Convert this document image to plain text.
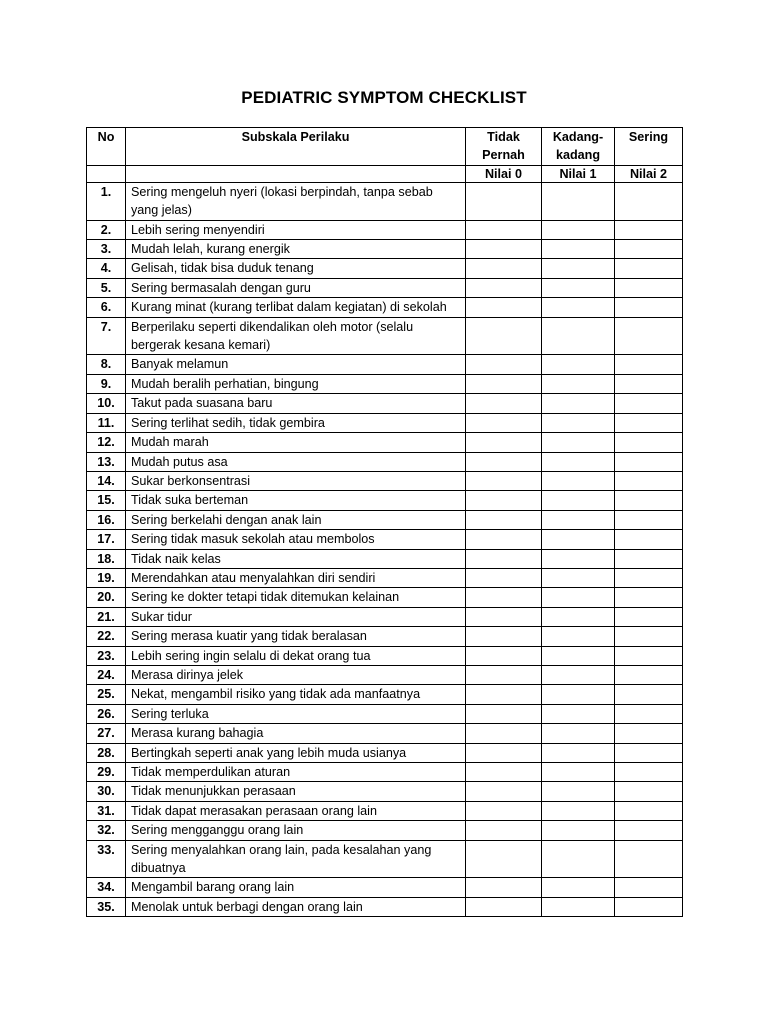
PEDIATRIC SYMPTOM CHECKLIST
No	Subskala Perilaku	Tidak Pernah	Kadang-kadang	Sering
		Nilai 0	Nilai 1	Nilai 2
1.	Sering mengeluh nyeri (lokasi berpindah, tanpa sebab yang jelas)			
2.	Lebih sering menyendiri			
3.	Mudah lelah, kurang energik			
4.	Gelisah, tidak bisa duduk tenang			
5.	Sering bermasalah dengan guru			
6.	Kurang minat (kurang terlibat dalam kegiatan) di sekolah			
7.	Berperilaku seperti dikendalikan oleh motor (selalu bergerak kesana kemari)			
8.	Banyak melamun			
9.	Mudah beralih perhatian, bingung			
10.	Takut pada suasana baru			
11.	Sering terlihat sedih, tidak gembira			
12.	Mudah marah			
13.	Mudah putus asa			
14.	Sukar berkonsentrasi			
15.	Tidak suka berteman			
16.	Sering berkelahi dengan anak lain			
17.	Sering tidak masuk sekolah atau membolos			
18.	Tidak naik kelas			
19.	Merendahkan atau menyalahkan diri sendiri			
20.	Sering ke dokter tetapi tidak ditemukan kelainan			
21.	Sukar tidur			
22.	Sering merasa kuatir yang tidak beralasan			
23.	Lebih sering ingin selalu di dekat orang tua			
24.	Merasa dirinya jelek			
25.	Nekat, mengambil risiko yang tidak ada manfaatnya			
26.	Sering terluka			
27.	Merasa kurang bahagia			
28.	Bertingkah seperti anak yang lebih muda usianya			
29.	Tidak memperdulikan aturan			
30.	Tidak menunjukkan perasaan			
31.	Tidak dapat merasakan perasaan orang lain			
32.	Sering mengganggu orang lain			
33.	Sering menyalahkan orang lain, pada kesalahan yang dibuatnya			
34.	Mengambil barang orang lain			
35.	Menolak untuk berbagi dengan orang lain			
